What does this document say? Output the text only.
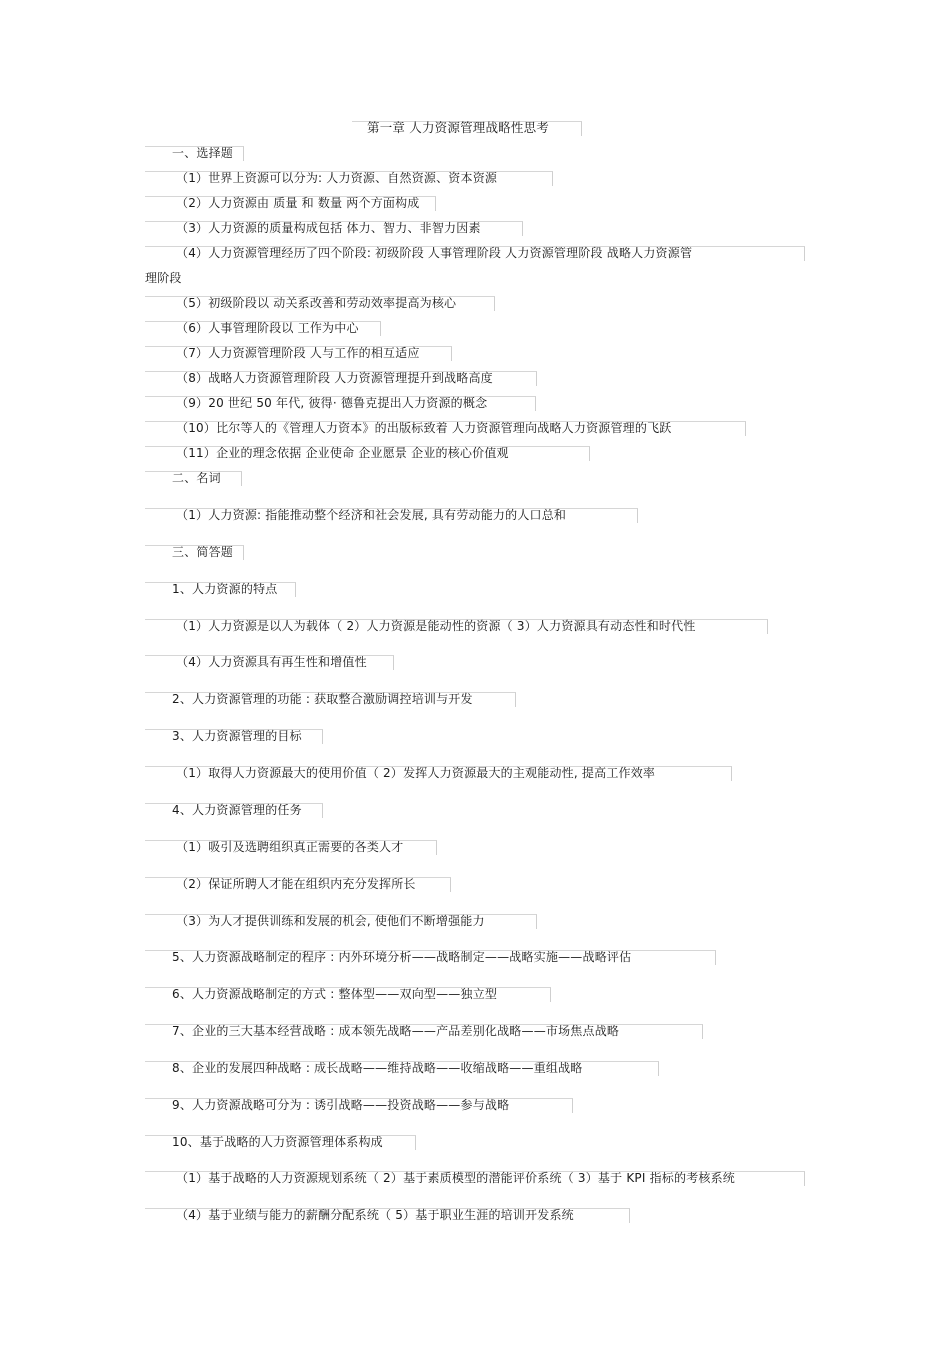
第一章 人力资源管理战略性思考
一、选择题
（1）世界上资源可以分为: 人力资源、自然资源、资本资源
（2）人力资源由 质量 和 数量 两个方面构成
（3）人力资源的质量构成包括 体力、智力、非智力因素
（4）人力资源管理经历了四个阶段: 初级阶段 人事管理阶段 人力资源管理阶段 战略人力资源管
理阶段
（5）初级阶段以 动关系改善和劳动效率提高为核心
（6）人事管理阶段以 工作为中心
（7）人力资源管理阶段 人与工作的相互适应
（8）战略人力资源管理阶段 人力资源管理提升到战略高度
（9）20 世纪 50 年代, 彼得· 德鲁克提出人力资源的概念
（10）比尔等人的《管理人力资本》的出版标致着 人力资源管理向战略人力资源管理的飞跃
（11）企业的理念依据 企业使命 企业愿景 企业的核心价值观
二、名词
（1）人力资源: 指能推动整个经济和社会发展, 具有劳动能力的人口总和
三、简答题
1、人力资源的特点
（1）人力资源是以人为载体（ 2）人力资源是能动性的资源（ 3）人力资源具有动态性和时代性
（4）人力资源具有再生性和增值性
2、人力资源管理的功能 : 获取整合激励调控培训与开发
3、人力资源管理的目标
（1）取得人力资源最大的使用价值（ 2）发挥人力资源最大的主观能动性, 提高工作效率
4、人力资源管理的任务
（1）吸引及选聘组织真正需要的各类人才
（2）保证所聘人才能在组织内充分发挥所长
（3）为人才提供训练和发展的机会, 使他们不断增强能力
5、人力资源战略制定的程序 : 内外环境分析——战略制定——战略实施——战略评估
6、人力资源战略制定的方式 : 整体型——双向型——独立型
7、企业的三大基本经营战略 : 成本领先战略——产品差别化战略——市场焦点战略
8、企业的发展四种战略 : 成长战略——维持战略——收缩战略——重组战略
9、人力资源战略可分为 : 诱引战略——投资战略——参与战略
10、基于战略的人力资源管理体系构成
（1）基于战略的人力资源规划系统（ 2）基于素质模型的潜能评价系统（ 3）基于 KPI 指标的考核系统
（4）基于业绩与能力的薪酬分配系统（ 5）基于职业生涯的培训开发系统
